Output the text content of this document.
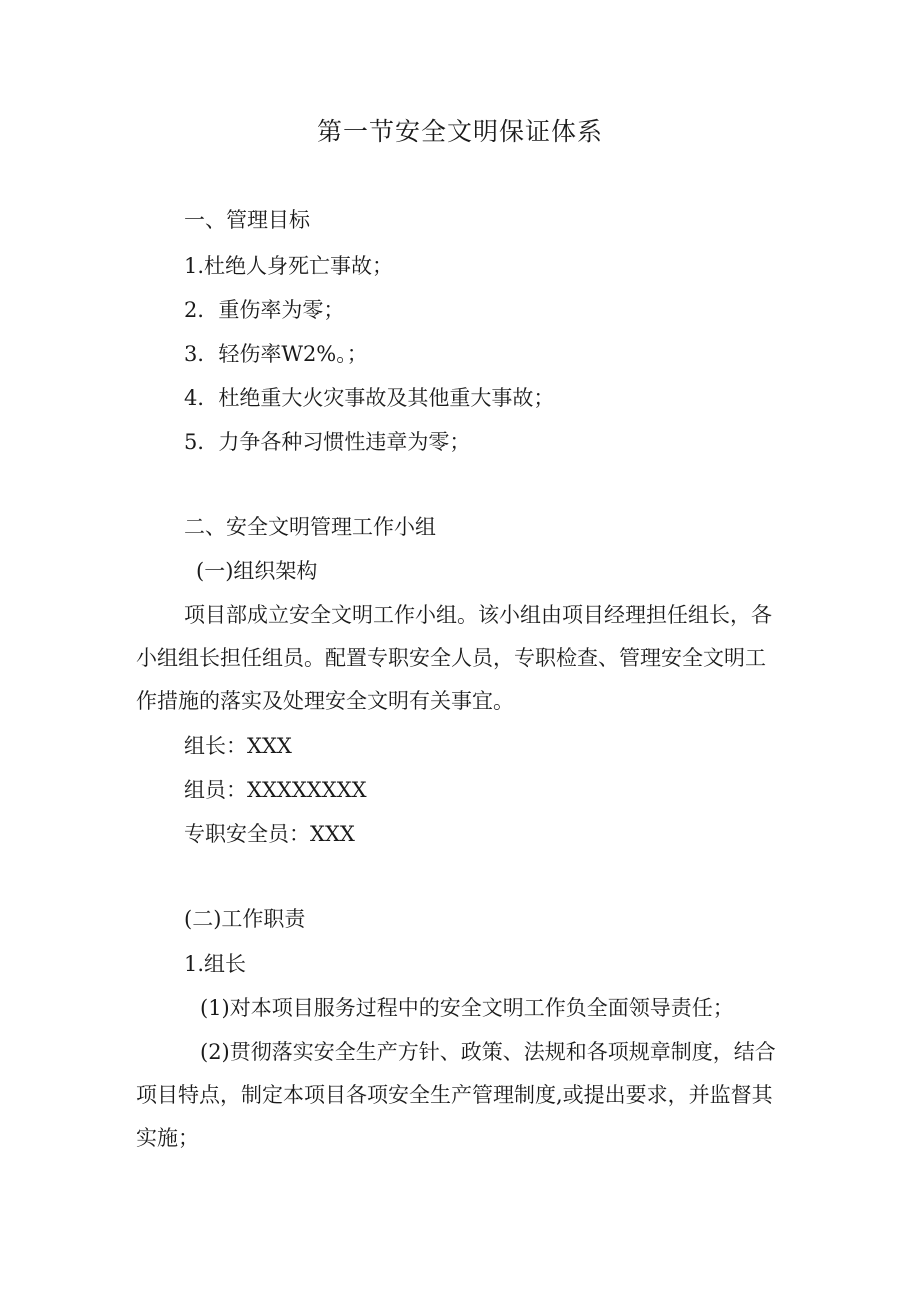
第一节安全文明保证体系
一、管理目标
1.杜绝人身死亡事故；
2．重伤率为零；
3．轻伤率W2%。；
4．杜绝重大火灾事故及其他重大事故；
5．力争各种习惯性违章为零；
二、安全文明管理工作小组
(一)组织架构
项目部成立安全文明工作小组。该小组由项目经理担任组长，各小组组长担任组员。配置专职安全人员，专职检查、管理安全文明工作措施的落实及处理安全文明有关事宜。
组长：XXX
组员：XXXXXXXX
专职安全员：XXX
(二)工作职责
1.组长
(1)对本项目服务过程中的安全文明工作负全面领导责任；
(2)贯彻落实安全生产方针、政策、法规和各项规章制度，结合项目特点，制定本项目各项安全生产管理制度,或提出要求，并监督其实施；
